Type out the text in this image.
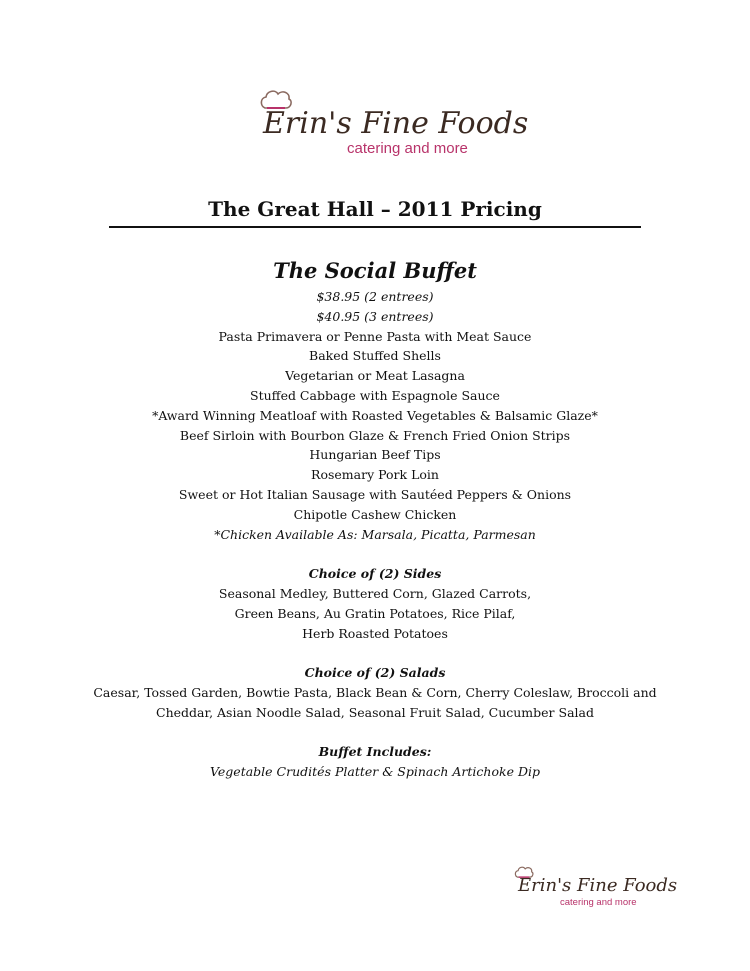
Erin's Fine Foods
catering and more
The Great Hall – 2011 Pricing
The Social Buffet
$38.95 (2 entrees)
$40.95 (3 entrees)
Pasta Primavera or Penne Pasta with Meat Sauce
Baked Stuffed Shells
Vegetarian or Meat Lasagna
Stuffed Cabbage with Espagnole Sauce
*Award Winning Meatloaf with Roasted Vegetables & Balsamic Glaze*
Beef Sirloin with Bourbon Glaze & French Fried Onion Strips
Hungarian Beef Tips
Rosemary Pork Loin
Sweet or Hot Italian Sausage with Sautéed Peppers & Onions
Chipotle Cashew Chicken
*Chicken Available As: Marsala, Picatta, Parmesan
Choice of (2) Sides
Seasonal Medley, Buttered Corn, Glazed Carrots,
Green Beans, Au Gratin Potatoes, Rice Pilaf,
Herb Roasted Potatoes
Choice of (2) Salads
Caesar, Tossed Garden, Bowtie Pasta, Black Bean & Corn, Cherry Coleslaw, Broccoli and
Cheddar, Asian Noodle Salad, Seasonal Fruit Salad, Cucumber Salad
Buffet Includes:
Vegetable Crudités Platter & Spinach Artichoke Dip
Erin's Fine Foods
catering and more
